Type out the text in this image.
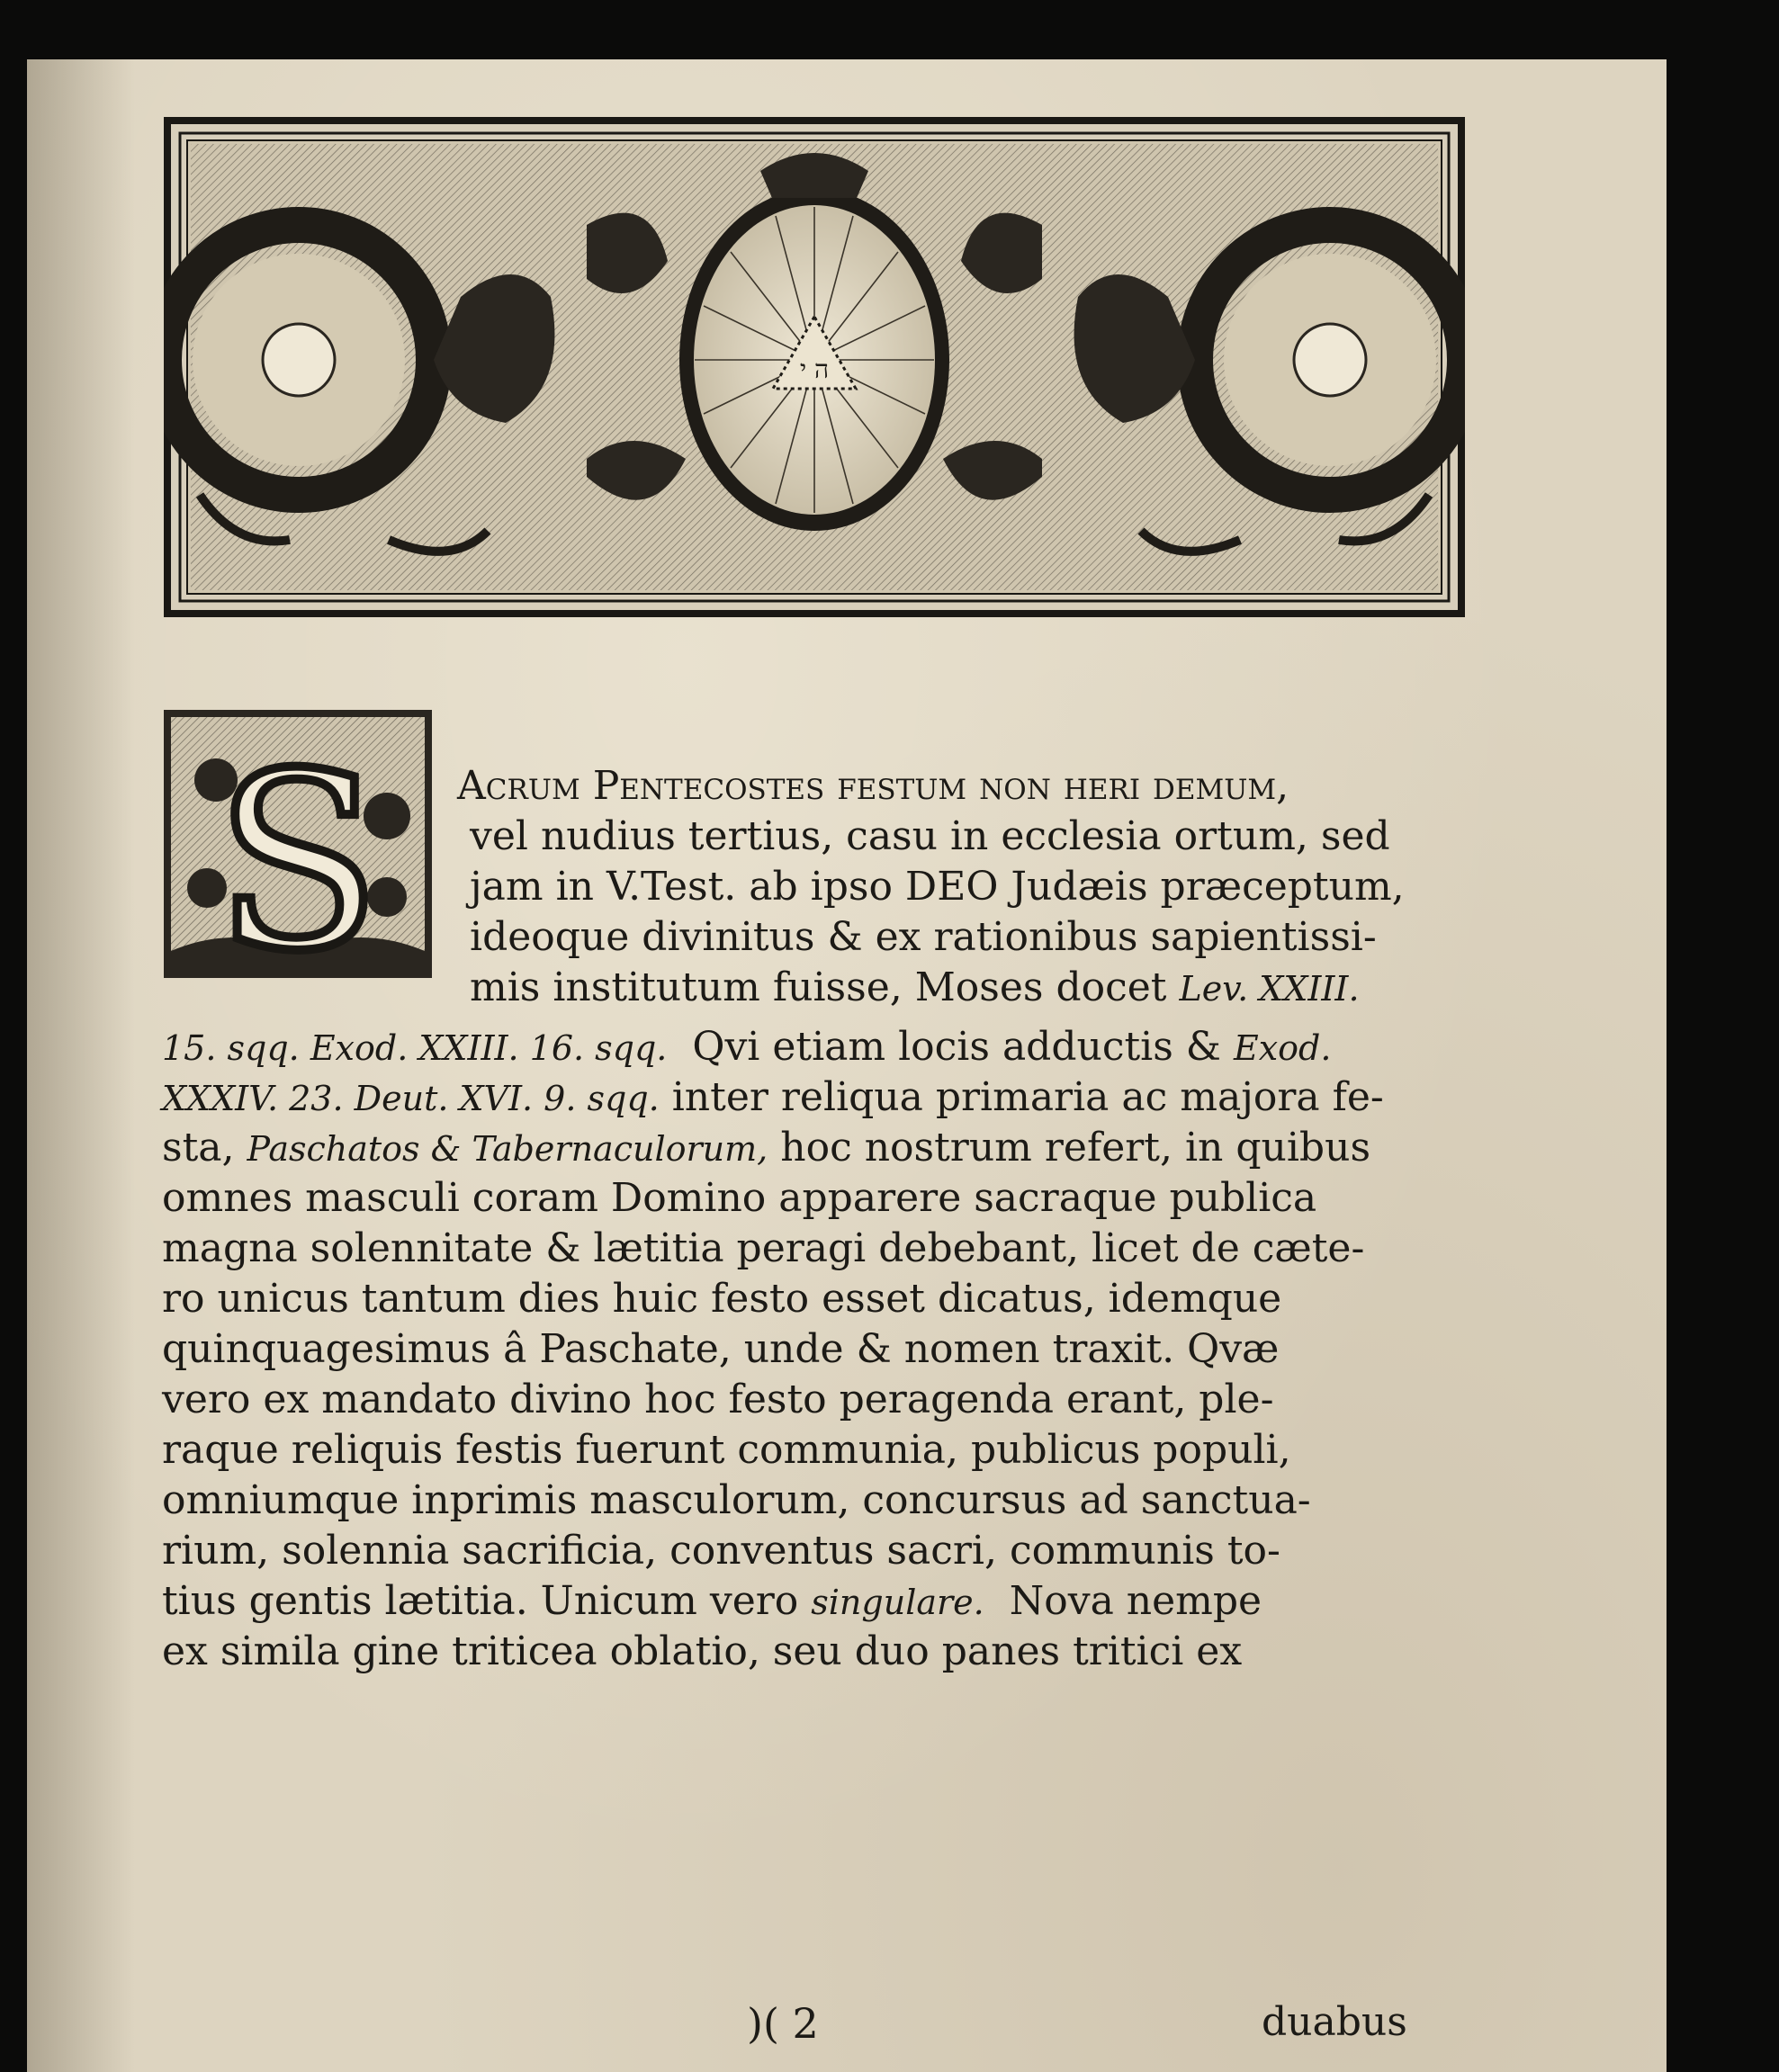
ה י
S Acrum Pentecostes festum non heri demum,
vel nudius tertius, casu in ecclesia ortum, sed
jam in V.Test. ab ipso DEO Judæis præceptum,
ideoque divinitus & ex rationibus sapientissi-
mis institutum fuisse, Moses docet Lev. XXIII.
15. sqq. Exod. XXIII. 16. sqq. Qvi etiam locis adductis & Exod.
XXXIV. 23. Deut. XVI. 9. sqq. inter reliqua primaria ac majora fe-
sta, Paschatos & Tabernaculorum, hoc nostrum refert, in quibus
omnes masculi coram Domino apparere sacraque publica
magna solennitate & lætitia peragi debebant, licet de cæte-
ro unicus tantum dies huic festo esset dicatus, idemque
quinquagesimus â Paschate, unde & nomen traxit. Qvæ
vero ex mandato divino hoc festo peragenda erant, ple-
raque reliquis festis fuerunt communia, publicus populi,
omniumque inprimis masculorum, concursus ad sanctua-
rium, solennia sacrificia, conventus sacri, communis to-
tius gentis lætitia. Unicum vero singulare. Nova nempe
ex simila gine triticea oblatio, seu duo panes tritici ex
)( 2	duabus
